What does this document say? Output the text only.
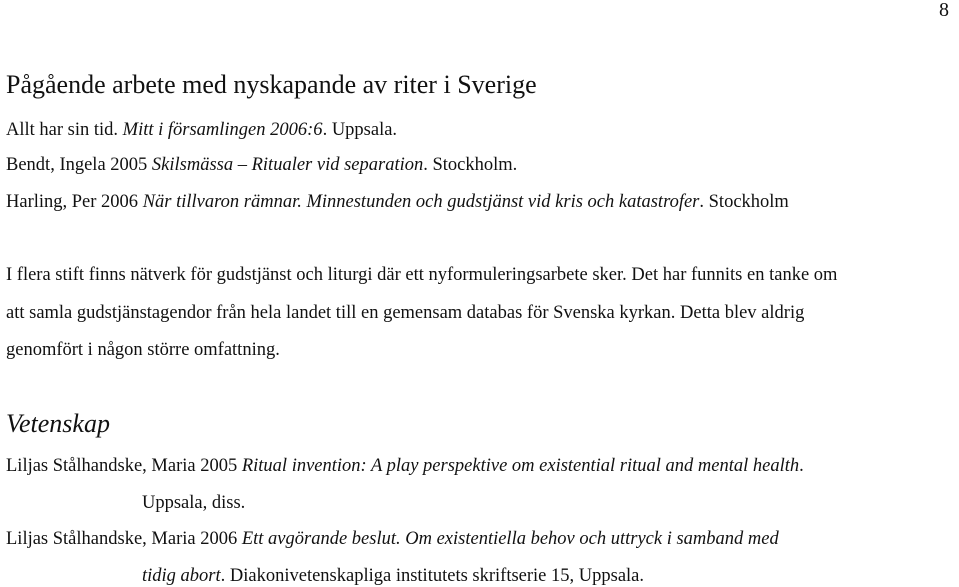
8
Pågående arbete med nyskapande av riter i Sverige
Allt har sin tid. Mitt i församlingen 2006:6. Uppsala.
Bendt, Ingela 2005 Skilsmässa – Ritualer vid separation. Stockholm.
Harling, Per 2006 När tillvaron rämnar. Minnestunden och gudstjänst vid kris och katastrofer. Stockholm
I flera stift finns nätverk för gudstjänst och liturgi där ett nyformuleringsarbete sker. Det har funnits en tanke om
att samla gudstjänstagendor från hela landet till en gemensam databas för Svenska kyrkan. Detta blev aldrig
genomfört i någon större omfattning.
Vetenskap
Liljas Stålhandske, Maria 2005 Ritual invention: A play perspektive om existential ritual and mental health.
Uppsala, diss.
Liljas Stålhandske, Maria 2006 Ett avgörande beslut. Om existentiella behov och uttryck i samband med
tidig abort. Diakonivetenskapliga institutets skriftserie 15, Uppsala.
